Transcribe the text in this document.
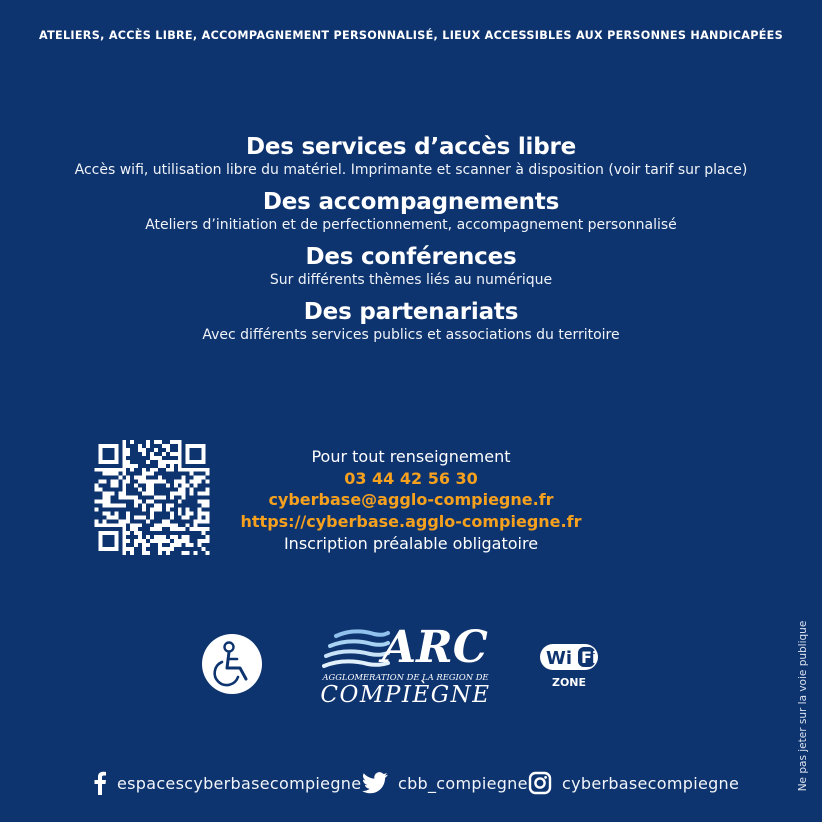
ATELIERS, ACCÈS LIBRE, ACCOMPAGNEMENT PERSONNALISÉ, LIEUX ACCESSIBLES AUX PERSONNES HANDICAPÉES
Des services d’accès libre

Accès wifi, utilisation libre du matériel. Imprimante et scanner à disposition (voir tarif sur place)

Des accompagnements

Ateliers d’initiation et de perfectionnement, accompagnement personnalisé

Des conférences

Sur différents thèmes liés au numérique

Des partenariats

Avec différents services publics et associations du territoire

Pour tout renseignement
03 44 42 56 30
cyberbase@agglo-compiegne.fr
https://cyberbase.agglo-compiegne.fr
Inscription préalable obligatoire
ARC
AGGLOMERATION DE LA REGION DE
COMPIÈGNE
Wi Fi
ZONE	Ne pas jeter sur la voie publique
espacescyberbasecompiegne cbb_compiegne cyberbasecompiegne
